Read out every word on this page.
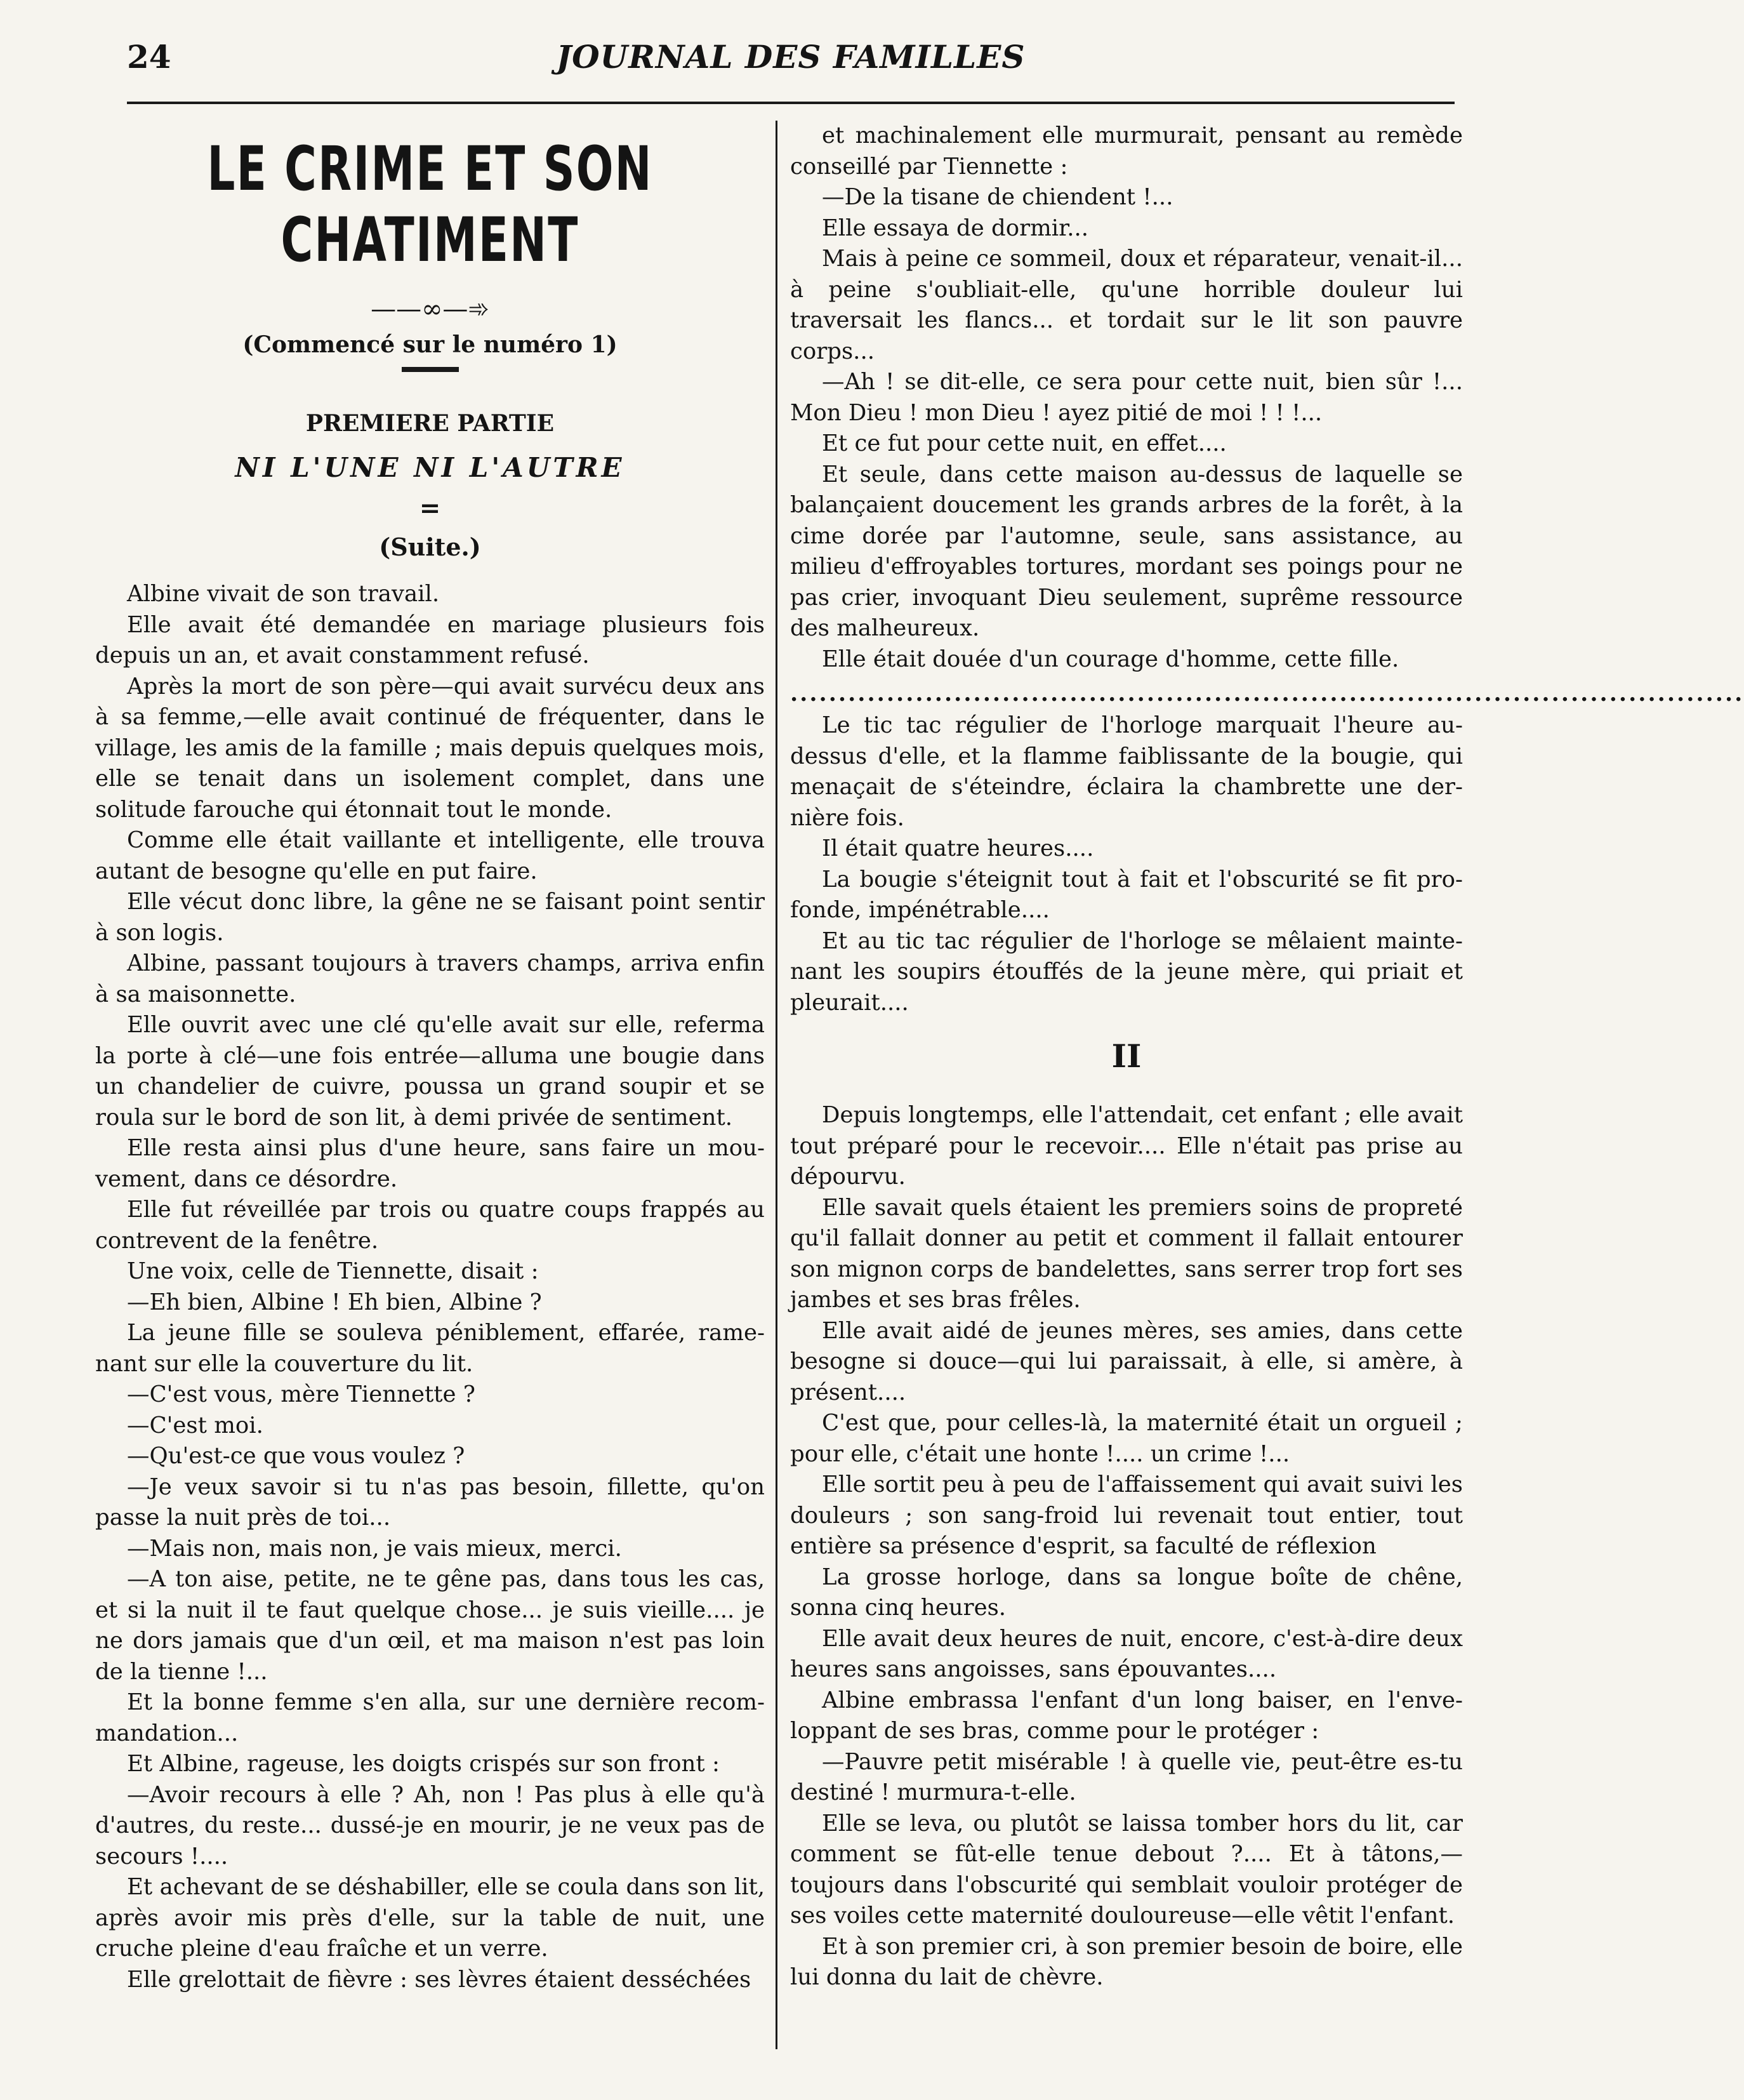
24	JOURNAL DES FAMILLES
LE CRIME ET SON CHATIMENT
——∞—➾
(Commencé sur le numéro 1)
PREMIERE PARTIE
NI L'UNE NI L'AUTRE
=
(Suite.)

Albine vivait de son travail.

Elle avait été demandée en mariage plusieurs fois depuis un an, et avait constamment refusé.

Après la mort de son père—qui avait survécu deux ans à sa femme,—elle avait continué de fréquenter, dans le village, les amis de la famille ; mais depuis quelques mois, elle se tenait dans un isolement complet, dans une solitude farouche qui étonnait tout le monde.

Comme elle était vaillante et intelligente, elle trouva autant de besogne qu'elle en put faire.

Elle vécut donc libre, la gêne ne se faisant point sentir à son logis.

Albine, passant toujours à travers champs, arriva enfin à sa maisonnette.

Elle ouvrit avec une clé qu'elle avait sur elle, referma la porte à clé—une fois entrée—alluma une bougie dans un chandelier de cuivre, poussa un grand soupir et se roula sur le bord de son lit, à demi privée de sentiment.

Elle resta ainsi plus d'une heure, sans faire un mouvement, dans ce désordre.

Elle fut réveillée par trois ou quatre coups frappés au contrevent de la fenêtre.

Une voix, celle de Tiennette, disait :

—Eh bien, Albine ! Eh bien, Albine ?

La jeune fille se souleva péniblement, effarée, ramenant sur elle la couverture du lit.

—C'est vous, mère Tiennette ?

—C'est moi.

—Qu'est-ce que vous voulez ?

—Je veux savoir si tu n'as pas besoin, fillette, qu'on passe la nuit près de toi...

—Mais non, mais non, je vais mieux, merci.

—A ton aise, petite, ne te gêne pas, dans tous les cas, et si la nuit il te faut quelque chose... je suis vieille.... je ne dors jamais que d'un œil, et ma maison n'est pas loin de la tienne !...

Et la bonne femme s'en alla, sur une dernière recommandation...

Et Albine, rageuse, les doigts crispés sur son front :

—Avoir recours à elle ? Ah, non ! Pas plus à elle qu'à d'autres, du reste... dussé-je en mourir, je ne veux pas de secours !....

Et achevant de se déshabiller, elle se coula dans son lit, après avoir mis près d'elle, sur la table de nuit, une cruche pleine d'eau fraîche et un verre.

Elle grelottait de fièvre : ses lèvres étaient desséchées

et machinalement elle murmurait, pensant au remède conseillé par Tiennette :

—De la tisane de chiendent !...

Elle essaya de dormir...

Mais à peine ce sommeil, doux et réparateur, venait-il... à peine s'oubliait-elle, qu'une horrible douleur lui traversait les flancs... et tordait sur le lit son pauvre corps...

—Ah ! se dit-elle, ce sera pour cette nuit, bien sûr !... Mon Dieu ! mon Dieu ! ayez pitié de moi ! ! !...

Et ce fut pour cette nuit, en effet....

Et seule, dans cette maison au-dessus de laquelle se balançaient doucement les grands arbres de la forêt, à la cime dorée par l'automne, seule, sans assistance, au milieu d'effroyables tortures, mordant ses poings pour ne pas crier, invoquant Dieu seulement, suprême ressource des malheureux.

Elle était douée d'un courage d'homme, cette fille.

...................................................................................................

Le tic tac régulier de l'horloge marquait l'heure au-dessus d'elle, et la flamme faiblissante de la bougie, qui menaçait de s'éteindre, éclaira la chambrette une dernière fois.

Il était quatre heures....

La bougie s'éteignit tout à fait et l'obscurité se fit profonde, impénétrable....

Et au tic tac régulier de l'horloge se mêlaient maintenant les soupirs étouffés de la jeune mère, qui priait et pleurait....

II

Depuis longtemps, elle l'attendait, cet enfant ; elle avait tout préparé pour le recevoir.... Elle n'était pas prise au dépourvu.

Elle savait quels étaient les premiers soins de propreté qu'il fallait donner au petit et comment il fallait entourer son mignon corps de bandelettes, sans serrer trop fort ses jambes et ses bras frêles.

Elle avait aidé de jeunes mères, ses amies, dans cette besogne si douce—qui lui paraissait, à elle, si amère, à présent....

C'est que, pour celles-là, la maternité était un orgueil ; pour elle, c'était une honte !.... un crime !...

Elle sortit peu à peu de l'affaissement qui avait suivi les douleurs ; son sang-froid lui revenait tout entier, tout entière sa présence d'esprit, sa faculté de réflexion

La grosse horloge, dans sa longue boîte de chêne, sonna cinq heures.

Elle avait deux heures de nuit, encore, c'est-à-dire deux heures sans angoisses, sans épouvantes....

Albine embrassa l'enfant d'un long baiser, en l'enveloppant de ses bras, comme pour le protéger :

—Pauvre petit misérable ! à quelle vie, peut-être es-tu destiné ! murmura-t-elle.

Elle se leva, ou plutôt se laissa tomber hors du lit, car comment se fût-elle tenue debout ?.... Et à tâtons,—toujours dans l'obscurité qui semblait vouloir protéger de ses voiles cette maternité douloureuse—elle vêtit l'enfant.

Et à son premier cri, à son premier besoin de boire, elle lui donna du lait de chèvre.
